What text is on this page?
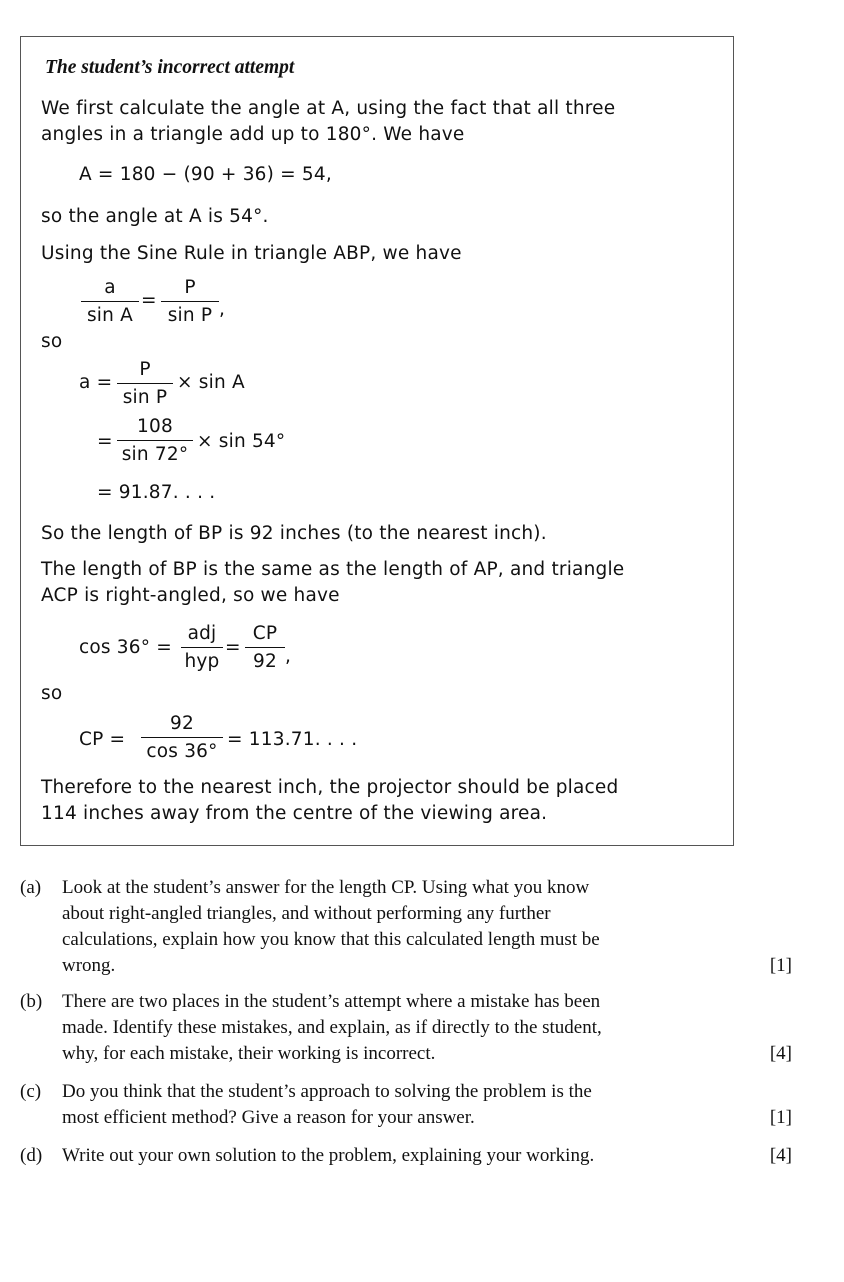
The student’s incorrect attempt
We first calculate the angle at A, using the fact that all three
angles in a triangle add up to 180°. We have
A = 180 − (90 + 36) = 54,
so the angle at A is 54°.
Using the Sine Rule in triangle ABP, we have
a
sin A
=
P
sin P ,
so
a =
P
sin P
× sin A
=
108
sin 72°
× sin 54°
= 91.87. . . .
So the length of BP is 92 inches (to the nearest inch).
The length of BP is the same as the length of AP, and triangle
ACP is right-angled, so we have
cos 36° =
adj
hyp
=
CP
92 ,
so
CP =
92
cos 36°
= 113.71. . . .
Therefore to the nearest inch, the projector should be placed
114 inches away from the centre of the viewing area.
(a) Look at the student’s answer for the length CP. Using what you know
about right-angled triangles, and without performing any further
calculations, explain how you know that this calculated length must be
wrong.	[1]
(b) There are two places in the student’s attempt where a mistake has been
made. Identify these mistakes, and explain, as if directly to the student,
why, for each mistake, their working is incorrect.	[4]
(c) Do you think that the student’s approach to solving the problem is the
most efficient method? Give a reason for your answer.	[1]
(d) Write out your own solution to the problem, explaining your working.	[4]
